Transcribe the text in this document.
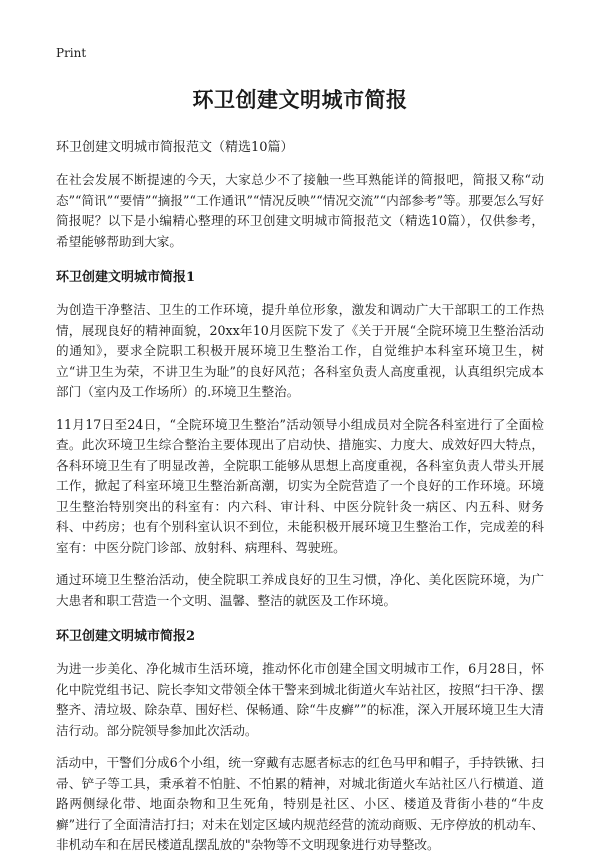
Print
环卫创建文明城市简报
环卫创建文明城市简报范文（精选10篇）

在社会发展不断提速的今天，大家总少不了接触一些耳熟能详的简报吧，简报又称“动态”“简讯”“要情”“摘报”“工作通讯”“情况反映”“情况交流”“内部参考”等。那要怎么写好简报呢？以下是小编精心整理的环卫创建文明城市简报范文（精选10篇），仅供参考，希望能够帮助到大家。

环卫创建文明城市简报1

为创造干净整洁、卫生的工作环境，提升单位形象，激发和调动广大干部职工的工作热情，展现良好的精神面貌，20xx年10月医院下发了《关于开展“全院环境卫生整治活动的通知》，要求全院职工积极开展环境卫生整治工作，自觉维护本科室环境卫生，树立“讲卫生为荣，不讲卫生为耻”的良好风范；各科室负责人高度重视，认真组织完成本部门（室内及工作场所）的.环境卫生整治。

11月17日至24日，“全院环境卫生整治”活动领导小组成员对全院各科室进行了全面检查。此次环境卫生综合整治主要体现出了启动快、措施实、力度大、成效好四大特点，各科环境卫生有了明显改善，全院职工能够从思想上高度重视，各科室负责人带头开展工作，掀起了科室环境卫生整治新高潮，切实为全院营造了一个良好的工作环境。环境卫生整治特别突出的科室有：内六科、审计科、中医分院针灸一病区、内五科、财务科、中药房；也有个别科室认识不到位，未能积极开展环境卫生整治工作，完成差的科室有：中医分院门诊部、放射科、病理科、驾驶班。

通过环境卫生整治活动，使全院职工养成良好的卫生习惯，净化、美化医院环境，为广大患者和职工营造一个文明、温馨、整洁的就医及工作环境。

环卫创建文明城市简报2

为进一步美化、净化城市生活环境，推动怀化市创建全国文明城市工作，6月28日，怀化中院党组书记、院长李知文带领全体干警来到城北街道火车站社区，按照“扫干净、摆整齐、清垃圾、除杂草、围好栏、保畅通、除“牛皮癣””的标准，深入开展环境卫生大清洁行动。部分院领导参加此次活动。

活动中，干警们分成6个小组，统一穿戴有志愿者标志的红色马甲和帽子，手持铁锹、扫帚、铲子等工具，秉承着不怕脏、不怕累的精神，对城北街道火车站社区八行横道、道路两侧绿化带、地面杂物和卫生死角，特别是社区、小区、楼道及背街小巷的“牛皮癣”进行了全面清洁打扫；对未在划定区域内规范经营的流动商贩、无序停放的机动车、非机动车和在居民楼道乱摆乱放的"杂物等不文明现象进行劝导整改。
